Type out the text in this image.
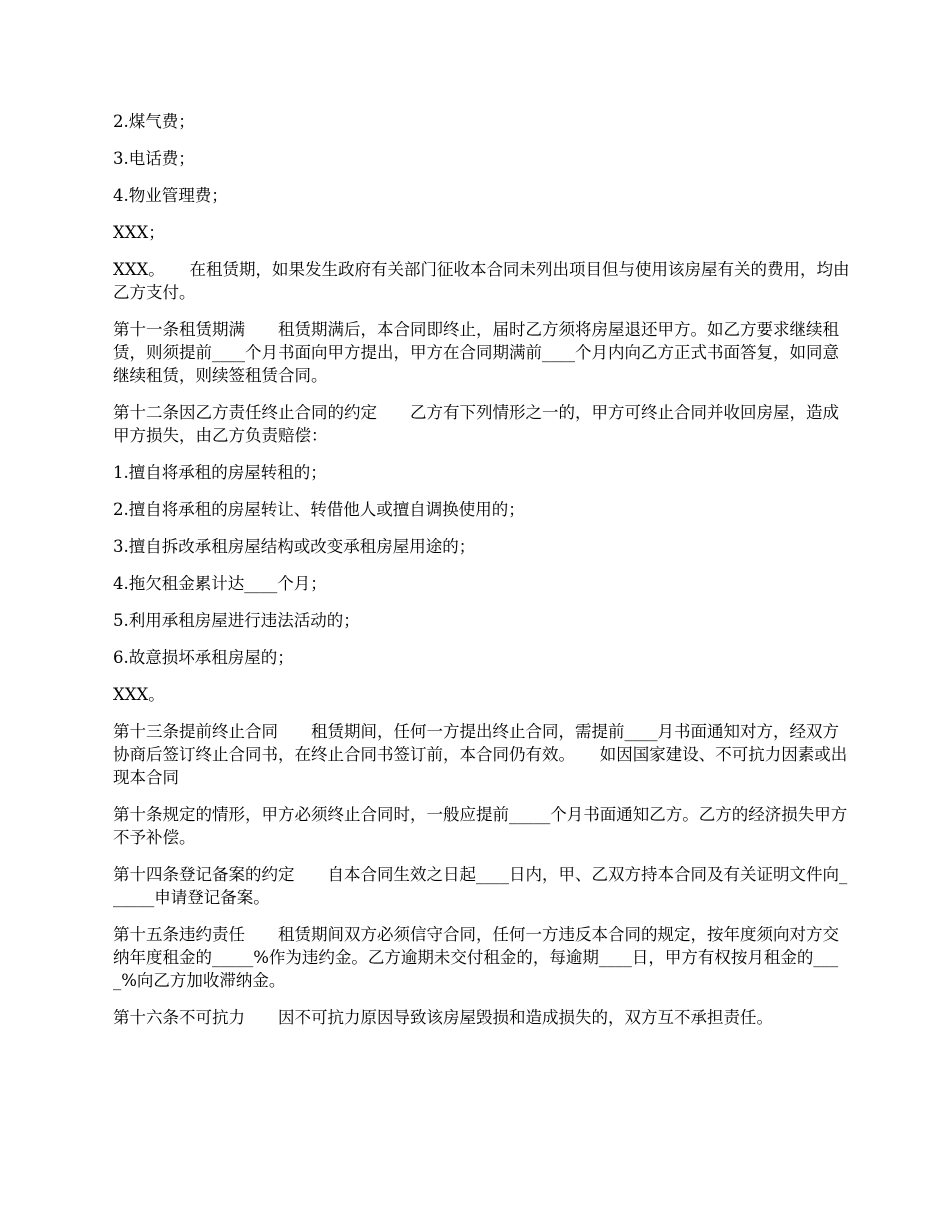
2.煤气费；

3.电话费；

4.物业管理费；

XXX；

XXX。　　在租赁期，如果发生政府有关部门征收本合同未列出项目但与使用该房屋有关的费用，均由乙方支付。

第十一条租赁期满　　租赁期满后，本合同即终止，届时乙方须将房屋退还甲方。如乙方要求继续租赁，则须提前____个月书面向甲方提出，甲方在合同期满前____个月内向乙方正式书面答复，如同意继续租赁，则续签租赁合同。

第十二条因乙方责任终止合同的约定　　乙方有下列情形之一的，甲方可终止合同并收回房屋，造成甲方损失，由乙方负责赔偿：

1.擅自将承租的房屋转租的；

2.擅自将承租的房屋转让、转借他人或擅自调换使用的；

3.擅自拆改承租房屋结构或改变承租房屋用途的；

4.拖欠租金累计达____个月；

5.利用承租房屋进行违法活动的；

6.故意损坏承租房屋的；

XXX。

第十三条提前终止合同　　租赁期间，任何一方提出终止合同，需提前____月书面通知对方，经双方协商后签订终止合同书，在终止合同书签订前，本合同仍有效。　　如因国家建设、不可抗力因素或出现本合同

第十条规定的情形，甲方必须终止合同时，一般应提前_____个月书面通知乙方。乙方的经济损失甲方不予补偿。

第十四条登记备案的约定　　自本合同生效之日起____日内，甲、乙双方持本合同及有关证明文件向______申请登记备案。

第十五条违约责任　　租赁期间双方必须信守合同，任何一方违反本合同的规定，按年度须向对方交纳年度租金的_____%作为违约金。乙方逾期未交付租金的，每逾期____日，甲方有权按月租金的____%向乙方加收滞纳金。

第十六条不可抗力　　因不可抗力原因导致该房屋毁损和造成损失的，双方互不承担责任。
